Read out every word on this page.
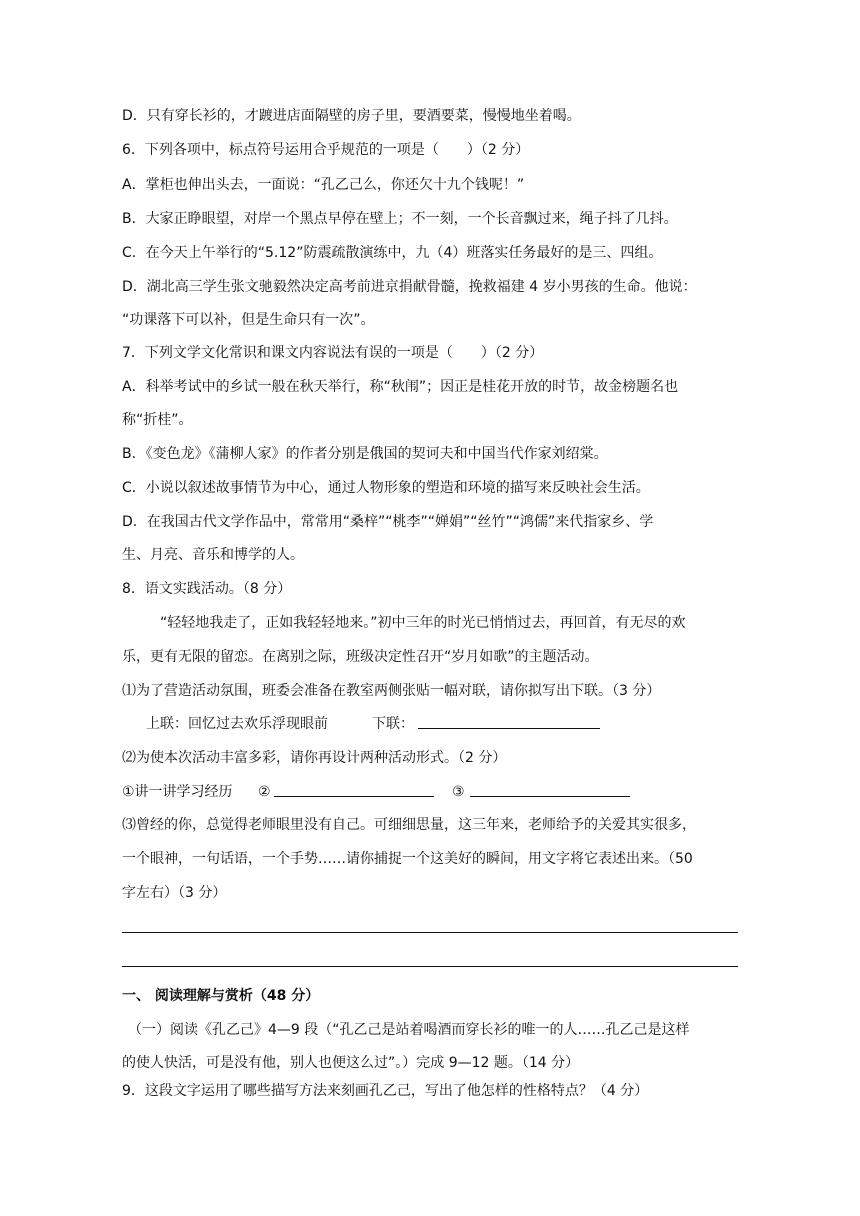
D．只有穿长衫的，才踱进店面隔壁的房子里，要酒要菜，慢慢地坐着喝。
6．下列各项中，标点符号运用合乎规范的一项是（　　）（2 分）
A．掌柜也伸出头去，一面说：“孔乙己么，你还欠十九个钱呢！”
B．大家正睁眼望，对岸一个黑点早停在壁上；不一刻，一个长音飘过来，绳子抖了几抖。
C．在今天上午举行的“5.12”防震疏散演练中，九（4）班落实任务最好的是三、四组。
D．湖北高三学生张文驰毅然决定高考前进京捐献骨髓，挽救福建 4 岁小男孩的生命。他说：
“功课落下可以补，但是生命只有一次”。
7．下列文学文化常识和课文内容说法有误的一项是（　　）（2 分）
A．科举考试中的乡试一般在秋天举行，称“秋闱”；因正是桂花开放的时节，故金榜题名也
称“折桂”。
B．《变色龙》《蒲柳人家》的作者分别是俄国的契诃夫和中国当代作家刘绍棠。
C．小说以叙述故事情节为中心，通过人物形象的塑造和环境的描写来反映社会生活。
D．在我国古代文学作品中，常常用“桑梓”“桃李”“婵娟”“丝竹”“鸿儒”来代指家乡、学
生、月亮、音乐和博学的人。
8．语文实践活动。（8 分）
“轻轻地我走了，正如我轻轻地来。”初中三年的时光已悄悄过去，再回首，有无尽的欢
乐，更有无限的留恋。在离别之际，班级决定性召开“岁月如歌”的主题活动。
⑴为了营造活动氛围，班委会准备在教室两侧张贴一幅对联，请你拟写出下联。（3 分）
上联：回忆过去欢乐浮现眼前	下联：
⑵为使本次活动丰富多彩，请你再设计两种活动形式。（2 分）
①讲一讲学习经历 ②	③
⑶曾经的你，总觉得老师眼里没有自己。可细细思量，这三年来，老师给予的关爱其实很多，
一个眼神，一句话语，一个手势……请你捕捉一个这美好的瞬间，用文字将它表述出来。（50
字左右）（3 分）
一、 阅读理解与赏析（48 分）
（一）阅读《孔乙己》4—9 段（“孔乙己是站着喝酒而穿长衫的唯一的人……孔乙己是这样
的使人快活，可是没有他，别人也便这么过”。）完成 9—12 题。（14 分）
9．这段文字运用了哪些描写方法来刻画孔乙己，写出了他怎样的性格特点？（4 分）
